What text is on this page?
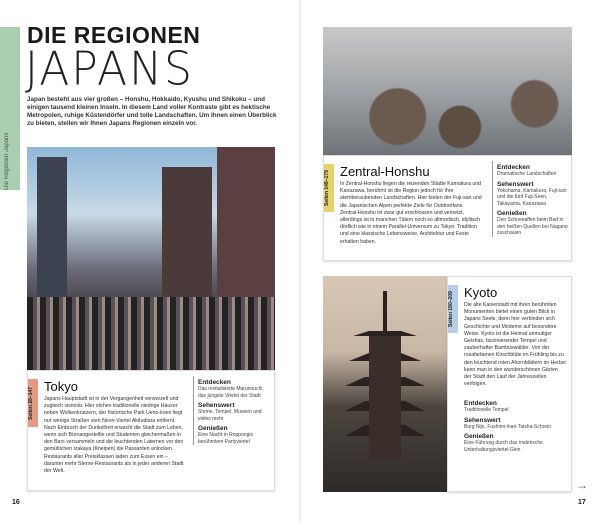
Die Regionen Japans
DIE REGIONEN
JAPANS
Japan besteht aus vier großen – Honshu, Hokkaido, Kyushu und Shikoku – und einigen tausend kleinen Inseln. In diesem Land voller Kontraste gibt es hektische Metropolen, ruhige Küstendörfer und tolle Landschaften. Um Ihnen einen Überblick zu bieten, stellen wir Ihnen Japans Regionen einzeln vor.
Seiten 28–147 Tokyo
Japans Hauptstadt ist in der Vergangenheit verwurzelt und zugleich visionär. Hier stehen traditionelle niedrige Häuser neben Wolkenkratzern, der historische Park Ueno-koen liegt nur wenige Straßen vom Neon-Viertel Akihabara entfernt. Nach Einbruch der Dunkelheit erwacht die Stadt zum Leben, wenn sich Büroangestellte und Studenten gleichermaßen in den Bars versammeln und die leuchtenden Laternen vor den gemütlichen Izakaya (Kneipen) die Passanten anlocken. Restaurants aller Preisklassen laden zum Essen ein – darunter mehr Sterne-Restaurants als in jeder anderen Stadt der Welt.
Entdecken
Das revitalisierte Marunouchi, das jüngste Viertel der Stadt
Sehenswert
Shrine, Tempel, Museen und vieles mehr
Genießen
Eine Nacht in Roppongis berühmtem Partyviertel
16
Seiten 148–179 Zentral-Honshu
In Zentral-Honshu liegen die reizenden Städte Kamakura und Kanazawa, berühmt ist die Region jedoch für ihre atemberaubenden Landschaften. Hier bieten der Fuji-san und die Japanischen Alpen perfekte Ziele für Outdoorfans. Zentral-Honshu ist zwar gut erschlossen und vernetzt, allerdings ist in manchen Tälern noch so altmodisch, idyllisch dörflich wie in einem Parallel-Universum zu Tokyo. Tradition und eine klassische Lebensweise, Architektur und Feste erhalten haben.
Entdecken
Dramatische Landschaften
Sehenswert
Yokohama, Kamakura, Fuji-san und die fünf Fuji-Seen, Takayama, Kanazawa
Genießen
Den Schneeaffen beim Bad in den heißen Quellen bei Nagano zuschauen
Seiten 180–209 Kyoto
Die alte Kaiserstadt mit ihren berühmten Monumenten bietet einen guten Blick in Japans Seele, denn hier verbinden sich Geschichte und Moderne auf besondere Weise. Kyoto ist die Heimat anmutiger Geishas, faszinierender Tempel und zauberhafter Bambuswälder. Von der rosafarbenen Kirschblüte im Frühling bis zu den leuchtend roten Ahornblättern im Herbst kann man in den wunderschönen Gärten der Stadt den Lauf der Jahreszeiten verfolgen.
Entdecken
Traditionelle Tempel
Sehenswert
Burg Nijo, Fushimi-Inari-Taisha-Schrein
Genießen
Eine Führung durch das malerische Unterhaltungsviertel Gion
→
17
